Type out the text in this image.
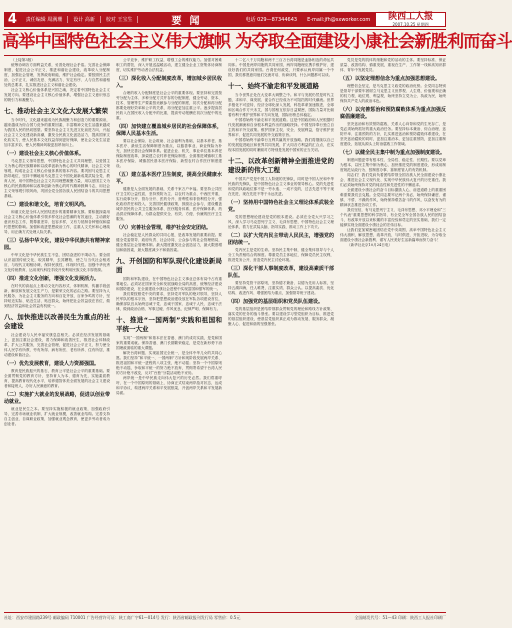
4	责任编辑 周满珊	设计 高新	校对 王宝生	要闻	电话 029—87344643	E-mail:jfh@sxworker.com	陕西工人报
2007.10.25 星期四
高举中国特色社会主义伟大旗帜 为夺取全面建设小康社会新胜利而奋斗

（上接第3版）

统筹协调各方面利益关系，妥善处理社会矛盾。完善社会保障制度，促进社会公平正义，推进和谐社会建设，改革收入分配制度，加强社会管理，发挥政府职能，维护社会稳定。要按照民主法治、公平正义、诚信友爱、充满活力、安定有序、人与自然和谐相处的总要求，扎实推进社会主义和谐社会建设。

社会主义核心价值体系是兴国之魂，决定着中国特色社会主义发展方向。要建设社会主义核心价值体系，增强社会主义意识形态的吸引力和凝聚力。

七、推动社会主义文化大发展大繁荣

当今时代，文化越来越成为民族凝聚力和创造力的重要源泉，越来越成为综合国力竞争的重要因素，丰富精神文化生活越来越成为我国人民的热切愿望。要坚持社会主义先进文化前进方向，兴起社会主义文化建设新高潮，激发全民族文化创造活力，提高国家文化软实力，使人民基本文化权益得到更好保障，使社会文化生活更加丰富多彩，使人民精神风貌更加昂扬向上。

（一）建设社会主义核心价值体系。

马克思主义指导思想，中国特色社会主义共同理想，以爱国主义为核心的民族精神和以改革创新为核心的时代精神，社会主义荣辱观，构成社会主义核心价值体系的基本内容。要巩固马克思主义指导地位，坚持不懈地用马克思主义中国化最新成果武装全党、教育人民，用中国特色社会主义共同理想凝聚力量，用以爱国主义为核心的民族精神和以改革创新为核心的时代精神鼓舞斗志，用社会主义荣辱观引领风尚，巩固全党全国各族人民团结奋斗的共同思想基础。

（二）建设和谐文化，培育文明风尚。

和谐文化是全体人民团结进步的重要精神支撑。要积极探索用社会主义核心价值体系引领多样化社会思潮的有效途径，主动做好意识形态工作，既尊重差异、包容多样，又有力抵制各种错误和腐朽思想的影响。加强和改进思想政治工作，注重人文关怀和心理疏导，用正确方式处理人际关系。

（三）弘扬中华文化，建设中华民族共有精神家园。

中华文化是中华民族生生不息、团结奋进的不竭动力。要全面认识祖国传统文化，取其精华，去其糟粕，使之与当代社会相适应、与现代文明相协调，保持民族性，体现时代性。加强中华优秀文化传统教育，运用现代科技手段开发利用民族文化丰厚资源。

（四）推进文化创新，增强文化发展活力。

在时代的高起点上推动文化内容形式、体制机制、传播手段创新，解放和发展文化生产力，是繁荣文化的必由之路。要坚持为人民服务、为社会主义服务的方向和百花齐放、百家争鸣的方针，坚持贴近实际、贴近生活、贴近群众，始终把社会效益放在首位，做到经济效益和社会效益有机统一。

八、加快推进以改善民生为重点的社会建设

社会建设与人民幸福安康息息相关。必须在经济发展的基础上，更加注重社会建设，着力保障和改善民生，推进社会体制改革，扩大公共服务，完善社会管理，促进社会公平正义，努力使全体人民学有所教、劳有所得、病有所医、老有所养、住有所居，推动建设和谐社会。

（一）优先发展教育，建设人力资源强国。

教育是民族振兴的基石，教育公平是社会公平的重要基础。要全面贯彻党的教育方针，坚持育人为本、德育为先，实施素质教育，提高教育现代化水平，培养德智体美全面发展的社会主义建设者和接班人，办好人民满意的教育。

（二）实施扩大就业的发展战略，促进以创业带动就业。

就业是民生之本。要坚持实施积极的就业政策，加强政府引导，完善市场就业机制，扩大就业规模，改善就业结构。完善支持自主创业、自谋职业政策，加强就业观念教育，使更多劳动者成为创业者。

公平竞争，维护职工权益，增强工会的维权能力。加强对困难职工的帮扶，深入开展送温暖活动，建立健全企业工资集体协商制度，切实维护劳动者合法权益。

（三）深化收入分配制度改革，增加城乡居民收入。

合理的收入分配制度是社会公平的重要体现。要坚持和完善按劳分配为主体、多种分配方式并存的分配制度，健全劳动、资本、技术、管理等生产要素按贡献参与分配的制度，初次分配和再分配都要处理好效率和公平的关系，再分配更加注重公平。逐步提高居民收入在国民收入分配中的比重，提高劳动报酬在初次分配中的比重。

（四）加快建立覆盖城乡居民的社会保障体系，保障人民基本生活。

要以社会保险、社会救助、社会福利为基础，以基本养老、基本医疗、最低生活保障制度为重点，以慈善事业、商业保险为补充，加快完善社会保障体系。促进企业、机关、事业单位基本养老保险制度改革，探索建立农村养老保险制度。全面推进城镇职工基本医疗保险、城镇居民基本医疗保险、新型农村合作医疗制度建设。

（五）建立基本医疗卫生制度，提高全民健康水平。

健康是人全面发展的基础，关系千家万户幸福。要坚持公共医疗卫生的公益性质，坚持预防为主、以农村为重点、中西医并重，实行政事分开、管办分开、医药分开、营利性和非营利性分开，强化政府责任和投入，完善国民健康政策，鼓励社会参与，建设覆盖城乡居民的公共卫生服务体系、医疗服务体系、医疗保障体系、药品供应保障体系，为群众提供安全、有效、方便、价廉的医疗卫生服务。

（六）完善社会管理，维护社会安定团结。

社会稳定是人民群众的共同心愿，是改革发展的重要前提。要健全党委领导、政府负责、社会协同、公众参与的社会管理格局，健全基层社会管理体制。最大限度激发社会创造活力，最大限度增加和谐因素，最大限度减少不和谐因素。

九、开创国防和军队现代化建设新局面

国防和军队建设，在中国特色社会主义事业总体布局中占有重要地位。必须站在国家安全和发展战略全局的高度，统筹经济建设和国防建设，在全面建设小康社会进程中实现富国和强军的统一。

我们要按照党中央的要求，坚持党对军队的绝对领导，坚持人民军队的根本宗旨，坚持把思想政治建设放在军队各项建设首位，确保部队官兵始终忠诚于党、忠诚于国家、忠诚于人民、忠诚于法律，做到政治合格、军事过硬、作风优良、纪律严明、保障有力。

十、推进“一国两制”实践和祖国和平统一大业

实现“一国两制”和基本法在香港、澳门的成功实践，是党和国家的重要成就。保持香港、澳门长期繁荣稳定，是党在新形势下治国理政面临的重大课题。

解决台湾问题、实现祖国完全统一，是全体中华儿女的共同心愿。我们坚持“和平统一、一国两制”方针和现阶段发展两岸关系、推进祖国和平统一进程的八项主张，绝不动摇；坚持一个中国原则绝不动摇，争取和平统一的努力绝不放弃，贯彻寄希望于台湾人民的方针绝不改变，反对“台独”分裂活动绝不妥协。

两岸统一是中华民族走向伟大复兴的历史必然。我们郑重呼吁，在一个中国原则的基础上，协商正式结束两岸敌对状态，达成和平协议，构建两岸关系和平发展框架，开创两岸关系和平发展新局面。

十二亿八千万同胞和两千三百万台湾同胞是血脉相连的命运共同体。中国是两岸同胞的共同家园，两岸同胞理应携手维护好、建设好我们的共同家园。台湾任何政党，只要承认两岸同属一个中国，我们都愿意同他们交流对话、协商谈判，什么问题都可以谈。

十一、始终不渝走和平发展道路

当今世界正处在大变革大调整之中。和平与发展仍然是时代主题，求和平、谋发展、促合作已经成为不可阻挡的时代潮流。世界多极化不可逆转，经济全球化深入发展，科技革命加速推进，全球和区域合作方兴未艾，国与国相互依存日益紧密，国际力量对比朝着有利于维护世界和平方向发展，国际形势总体稳定。

中国将始终不渝走和平发展道路。这是中国政府和人民根据时代发展潮流和自身根本利益作出的战略抉择。中国坚持奉行独立自主的和平外交政策。维护国家主权、安全、发展利益，恪守维护世界和平、促进共同发展的外交政策宗旨。

中国将始终不渝奉行互利共赢的开放战略。我们将继续以自己的发展促进地区和世界共同发展，扩大同各方利益的汇合点，在实现本国发展的同时兼顾对方特别是发展中国家的正当关切。

十二、以改革创新精神全面推进党的建设新的伟大工程

中国共产党是中国工人阶级的先锋队，同时是中国人民和中华民族的先锋队，是中国特色社会主义事业的领导核心。党的先进性和党的执政地位都不是一劳永逸、一成不变的，过去先进不等于现在先进，现在先进不等于永远先进。

（一）坚持用中国特色社会主义理论体系武装全党。

党的思想理论建设是党的根本建设。必须在全党大兴学习之风，深入学习马克思列宁主义、毛泽东思想、中国特色社会主义理论体系，着力在武装头脑、指导实践、推动工作上下功夫。

（二）以扩大党内民主带动人民民主，增强党的团结统一。

党内民主是党的生命。坚持民主集中制，健全集体领导与个人分工负责相结合的制度。尊重党员主体地位，保障党员民主权利，推进党务公开，营造党内民主讨论环境。

（三）深化干部人事制度改革，建设高素质干部队伍。

要坚持党管干部原则，坚持德才兼备、以德为先用人标准，坚持五湖四海，任人唯贤，注重实绩、群众公认。以提高素质、优化结构、改进作风、增强团结为重点，加强领导班子建设。

（四）加强党的基层组织和党员队伍建设。

党的基层组织是团结带领群众贯彻党的理论和路线方针政策、落实党的任务的战斗堡垒。要以建设学习型党组织为目标，推进党的基层组织建设，使基层党组织真正成为推动发展、服务群众、凝聚人心、促进和谐的坚强堡垒。

党员是党的肌体的细胞和党的活动的主体。要坚持标准、保证质量、改善结构、慎重发展，重视在生产、工作第一线和高知识群体、青年中发展党员。

（五）以坚定理想信念为重点加强思想建设。

理想信念坚定，是马克思主义政党的政治优势。全党同志特别是领导干部要牢固树立马克思主义世界观、人生观、价值观和正确的权力观、地位观、利益观，始终坚持立党为公、执政为民，始终保持共产党人的政治本色。

（六）以完善惩治和预防腐败体系为重点加强反腐倡廉建设。

坚决惩治和有效预防腐败，关系人心向背和党的生死存亡，是党必须始终抓好的重大政治任务。要坚持标本兼治、综合治理、惩防并举、注重预防的方针，扎实推进惩治和预防腐败体系建设，在坚决惩治腐败的同时，更加注重治本，更加注重预防，更加注重制度建设，拓展从源头上防治腐败工作领域。

（七）以健全民主集中制为重点加强制度建设。

制度问题更带有根本性、全局性、稳定性、长期性。要以党章为根本，以民主集中制为核心，加快推进党的制度建设，形成用制度规范从政行为、按制度办事、靠制度管人的有效机制。

同志们！我们党肩负着团结带领全国各族人民全面建设小康社会、推进社会主义现代化、实现中华民族伟大复兴的历史重任。我们必须始终保持对党的纯洁性和先进性的不懈追求。

全面建设小康社会的奋斗目标激励人心，前进道路上的重重困难需要我们去克服。全党同志要牢记两个务必，始终保持谦虚、谨慎、不骄、不躁的作风，始终保持艰苦奋斗的作风，以奋发有为的精神状态推进各项工作。

我们坚信，有马克思列宁主义、毛泽东思想、邓小平理论和“三个代表”重要思想的科学指导，有全党全军全国各族人民的团结奋斗，有改革开放以来积累的丰富经验和奠定的坚实基础，我们一定能够实现全面建设小康社会的宏伟目标。

让我们更加紧密地团结在党中央周围，高举中国特色社会主义伟大旗帜，解放思想，改革开放，与时俱进，开拓进取，为夺取全面建设小康社会新胜利、谱写人民美好生活新篇章而努力奋斗！

（新华社北京10月24日电）

社址：西安市建国路239号 邮政编码 710001 广告经营许可证：陕工商广字61—014号 发行：陕西省邮政报刊发行局 零售价：0.5元	全国邮发代号：51—43 印刷：陕西工人报社印刷厂
